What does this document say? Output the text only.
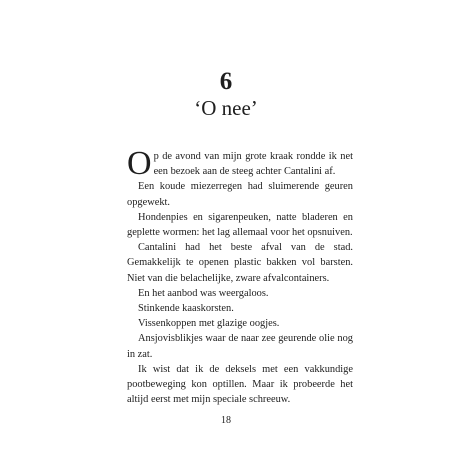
6
‘O nee’

Op de avond van mijn grote kraak rondde ik net een bezoek aan de steeg achter Cantalini af.

Een koude miezerregen had sluimerende geuren opgewekt.

Hondenpies en sigarenpeuken, natte bladeren en geplette wormen: het lag allemaal voor het opsnuiven.

Cantalini had het beste afval van de stad. Gemakkelijk te openen plastic bakken vol barsten. Niet van die belachelijke, zware afvalcontainers.

En het aanbod was weergaloos.

Stinkende kaaskorsten.

Vissenkoppen met glazige oogjes.

Ansjovisblikjes waar de naar zee geurende olie nog in zat.

Ik wist dat ik de deksels met een vakkundige pootbeweging kon optillen. Maar ik probeerde het altijd eerst met mijn speciale schreeuw.

18
